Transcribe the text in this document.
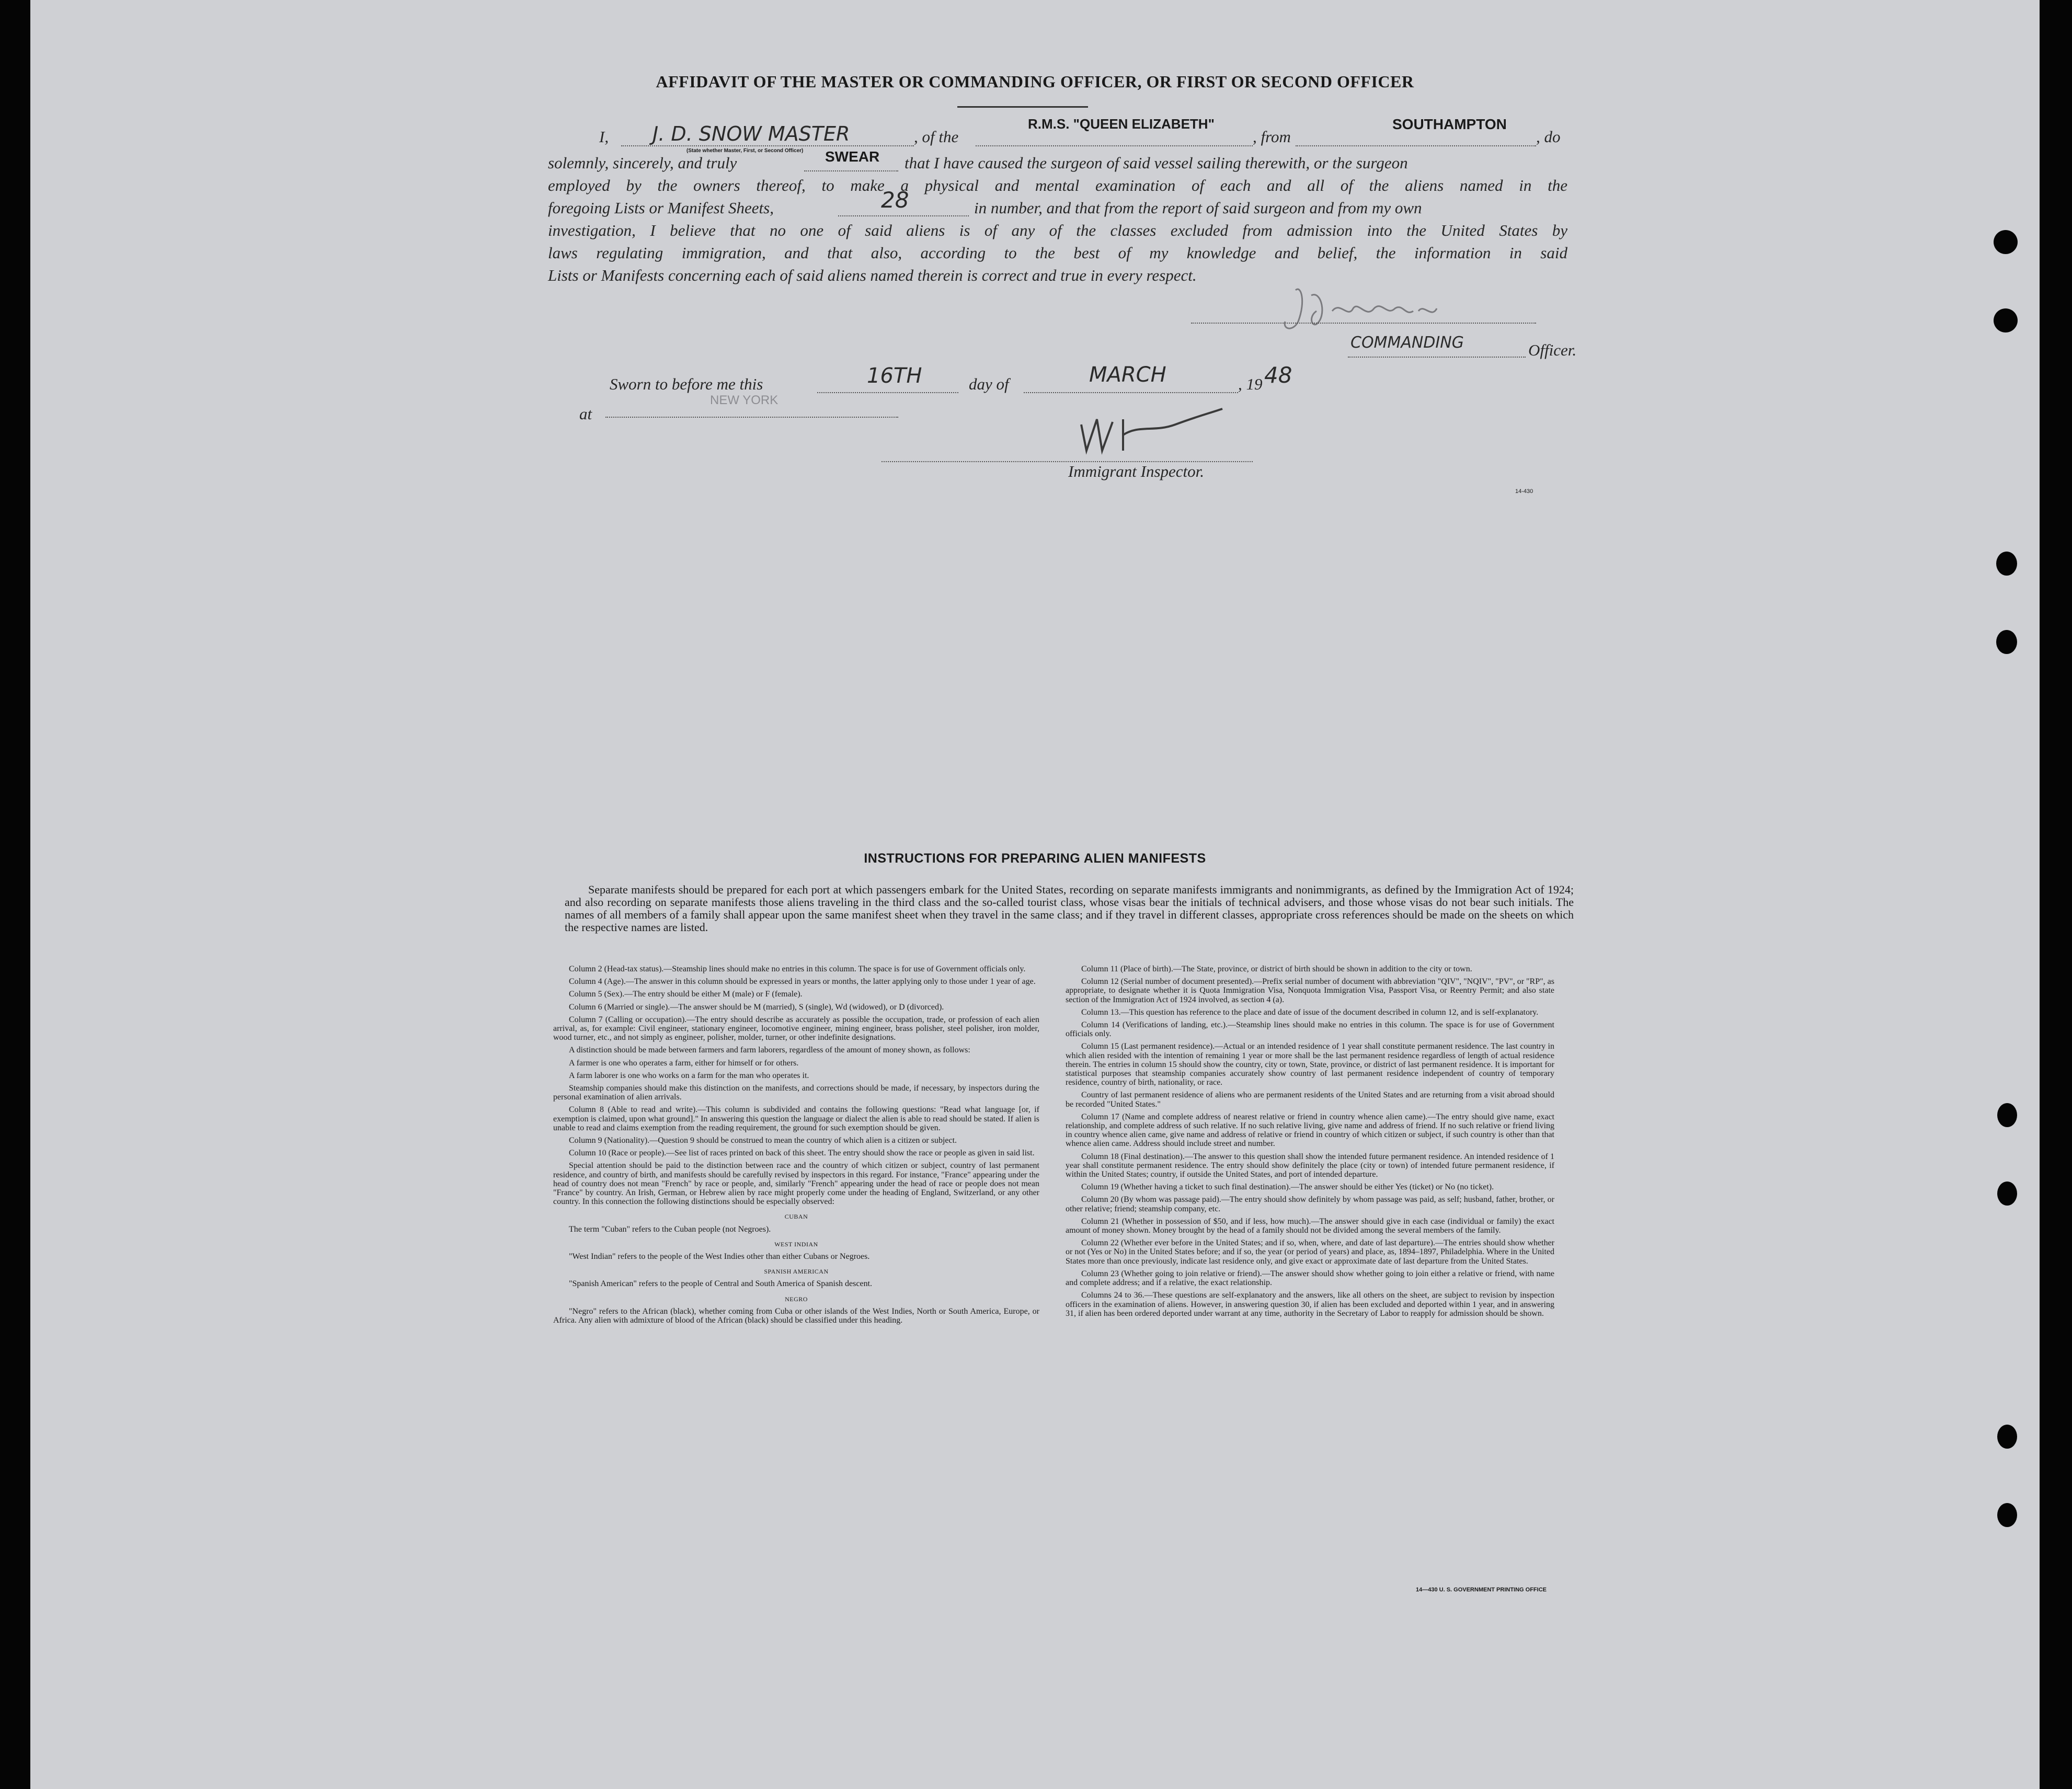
AFFIDAVIT OF THE MASTER OR COMMANDING OFFICER, OR FIRST OR SECOND OFFICER
I, J. D. SNOW MASTER
(State whether Master, First, or Second Officer)
, of the
R.M.S. "QUEEN ELIZABETH"
, from
SOUTHAMPTON
, do
solemnly, sincerely, and truly	SWEAR that I have caused the surgeon of said vessel sailing therewith, or the surgeon
employed by the owners thereof, to make a physical and mental examination of each and all of the aliens named in the
foregoing Lists or Manifest Sheets,	28	in number, and that from the report of said surgeon and from my own
investigation, I believe that no one of said aliens is of any of the classes excluded from admission into the United States by
laws regulating immigration, and that also, according to the best of my knowledge and belief, the information in said
Lists or Manifests concerning each of said aliens named therein is correct and true in every respect.
COMMANDING	Officer.
Sworn to before me this	16TH	day of	MARCH	, 19 48
at
NEW YORK
Immigrant Inspector.
14-430
INSTRUCTIONS FOR PREPARING ALIEN MANIFESTS
Separate manifests should be prepared for each port at which passengers embark for the United States, recording on separate manifests immigrants and nonimmigrants, as defined by the Immigration Act of 1924; and also recording on separate manifests those aliens traveling in the third class and the so-called tourist class, whose visas bear the initials of technical advisers, and those whose visas do not bear such initials. The names of all members of a family shall appear upon the same manifest sheet when they travel in the same class; and if they travel in different classes, appropriate cross references should be made on the sheets on which the respective names are listed.

Column 2 (Head-tax status).—Steamship lines should make no entries in this column. The space is for use of Government officials only.

Column 4 (Age).—The answer in this column should be expressed in years or months, the latter applying only to those under 1 year of age.

Column 5 (Sex).—The entry should be either M (male) or F (female).

Column 6 (Married or single).—The answer should be M (married), S (single), Wd (widowed), or D (divorced).

Column 7 (Calling or occupation).—The entry should describe as accurately as possible the occupation, trade, or profession of each alien arrival, as, for example: Civil engineer, stationary engineer, locomotive engineer, mining engineer, brass polisher, steel polisher, iron molder, wood turner, etc., and not simply as engineer, polisher, molder, turner, or other indefinite designations.

A distinction should be made between farmers and farm laborers, regardless of the amount of money shown, as follows:

A farmer is one who operates a farm, either for himself or for others.

A farm laborer is one who works on a farm for the man who operates it.

Steamship companies should make this distinction on the manifests, and corrections should be made, if necessary, by inspectors during the personal examination of alien arrivals.

Column 8 (Able to read and write).—This column is subdivided and contains the following questions: "Read what language [or, if exemption is claimed, upon what ground]." In answering this question the language or dialect the alien is able to read should be stated. If alien is unable to read and claims exemption from the reading requirement, the ground for such exemption should be given.

Column 9 (Nationality).—Question 9 should be construed to mean the country of which alien is a citizen or subject.

Column 10 (Race or people).—See list of races printed on back of this sheet. The entry should show the race or people as given in said list.

Special attention should be paid to the distinction between race and the country of which citizen or subject, country of last permanent residence, and country of birth, and manifests should be carefully revised by inspectors in this regard. For instance, "France" appearing under the head of country does not mean "French" by race or people, and, similarly "French" appearing under the head of race or people does not mean "France" by country. An Irish, German, or Hebrew alien by race might properly come under the heading of England, Switzerland, or any other country. In this connection the following distinctions should be especially observed:

CUBAN

The term "Cuban" refers to the Cuban people (not Negroes).

WEST INDIAN

"West Indian" refers to the people of the West Indies other than either Cubans or Negroes.

SPANISH AMERICAN

"Spanish American" refers to the people of Central and South America of Spanish descent.

NEGRO

"Negro" refers to the African (black), whether coming from Cuba or other islands of the West Indies, North or South America, Europe, or Africa. Any alien with admixture of blood of the African (black) should be classified under this heading.

Column 11 (Place of birth).—The State, province, or district of birth should be shown in addition to the city or town.

Column 12 (Serial number of document presented).—Prefix serial number of document with abbreviation "QIV", "NQIV", "PV", or "RP", as appropriate, to designate whether it is Quota Immigration Visa, Nonquota Immigration Visa, Passport Visa, or Reentry Permit; and also state section of the Immigration Act of 1924 involved, as section 4 (a).

Column 13.—This question has reference to the place and date of issue of the document described in column 12, and is self-explanatory.

Column 14 (Verifications of landing, etc.).—Steamship lines should make no entries in this column. The space is for use of Government officials only.

Column 15 (Last permanent residence).—Actual or an intended residence of 1 year shall constitute permanent residence. The last country in which alien resided with the intention of remaining 1 year or more shall be the last permanent residence regardless of length of actual residence therein. The entries in column 15 should show the country, city or town, State, province, or district of last permanent residence. It is important for statistical purposes that steamship companies accurately show country of last permanent residence independent of country of temporary residence, country of birth, nationality, or race.

Country of last permanent residence of aliens who are permanent residents of the United States and are returning from a visit abroad should be recorded "United States."

Column 17 (Name and complete address of nearest relative or friend in country whence alien came).—The entry should give name, exact relationship, and complete address of such relative. If no such relative living, give name and address of friend. If no such relative or friend living in country whence alien came, give name and address of relative or friend in country of which citizen or subject, if such country is other than that whence alien came. Address should include street and number.

Column 18 (Final destination).—The answer to this question shall show the intended future permanent residence. An intended residence of 1 year shall constitute permanent residence. The entry should show definitely the place (city or town) of intended future permanent residence, if within the United States; country, if outside the United States, and port of intended departure.

Column 19 (Whether having a ticket to such final destination).—The answer should be either Yes (ticket) or No (no ticket).

Column 20 (By whom was passage paid).—The entry should show definitely by whom passage was paid, as self; husband, father, brother, or other relative; friend; steamship company, etc.

Column 21 (Whether in possession of $50, and if less, how much).—The answer should give in each case (individual or family) the exact amount of money shown. Money brought by the head of a family should not be divided among the several members of the family.

Column 22 (Whether ever before in the United States; and if so, when, where, and date of last departure).—The entries should show whether or not (Yes or No) in the United States before; and if so, the year (or period of years) and place, as, 1894–1897, Philadelphia. Where in the United States more than once previously, indicate last residence only, and give exact or approximate date of last departure from the United States.

Column 23 (Whether going to join relative or friend).—The answer should show whether going to join either a relative or friend, with name and complete address; and if a relative, the exact relationship.

Columns 24 to 36.—These questions are self-explanatory and the answers, like all others on the sheet, are subject to revision by inspection officers in the examination of aliens. However, in answering question 30, if alien has been excluded and deported within 1 year, and in answering 31, if alien has been ordered deported under warrant at any time, authority in the Secretary of Labor to reapply for admission should be shown.

14—430 U. S. GOVERNMENT PRINTING OFFICE
